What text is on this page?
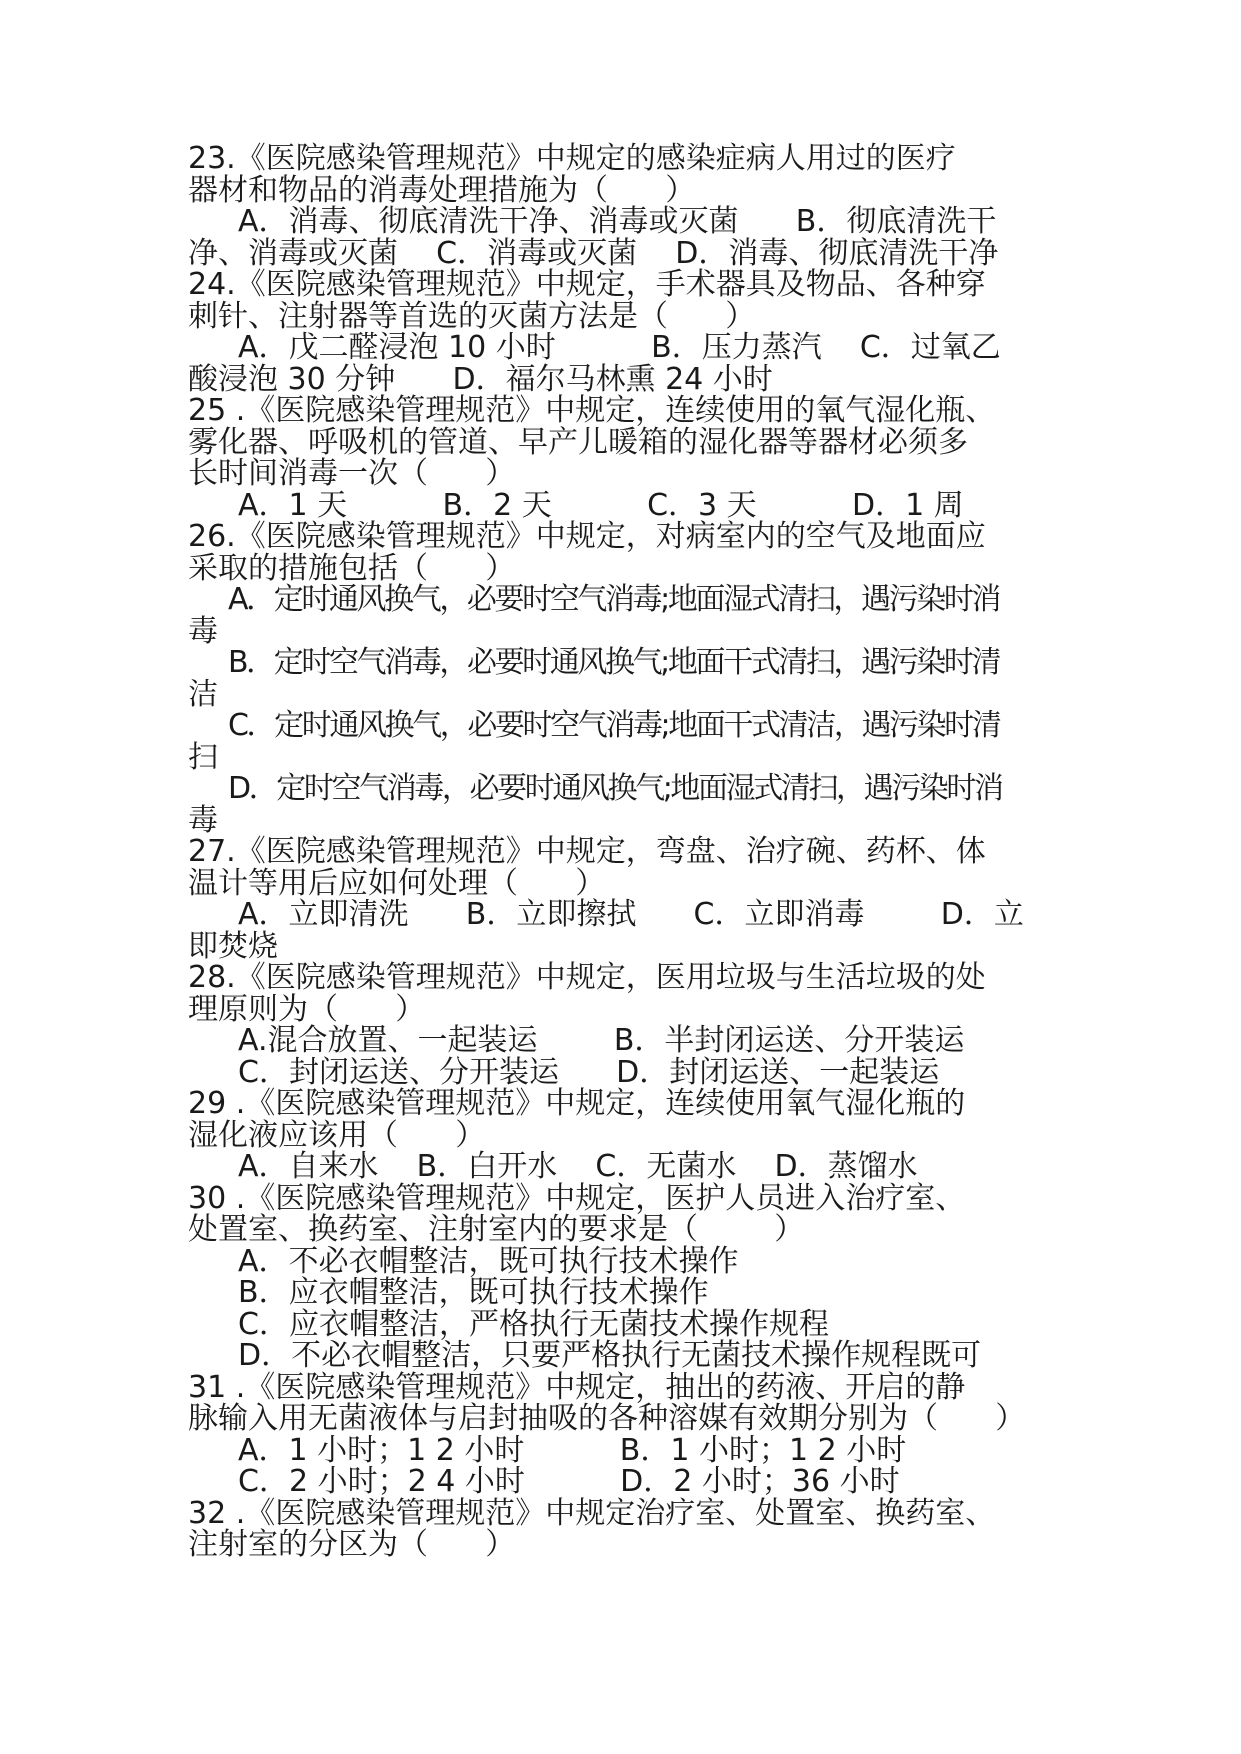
23.《医院感染管理规范》中规定的感染症病人用过的医疗
器材和物品的消毒处理措施为（      ）
A．消毒、彻底清洗干净、消毒或灭菌      B．彻底清洗干
净、消毒或灭菌    C．消毒或灭菌    D．消毒、彻底清洗干净
24.《医院感染管理规范》中规定，手术器具及物品、各种穿
刺针、注射器等首选的灭菌方法是（      ）
A．戊二醛浸泡 10 小时          B．压力蒸汽    C．过氧乙
酸浸泡 30 分钟      D．福尔马林熏 24 小时
25 .《医院感染管理规范》中规定，连续使用的氧气湿化瓶、
雾化器、呼吸机的管道、早产儿暖箱的湿化器等器材必须多
长时间消毒一次（      ）
A．1 天          B．2 天          C．3 天          D．1 周
26.《医院感染管理规范》中规定，对病室内的空气及地面应
采取的措施包括（      ）
A．定时通风换气，必要时空气消毒;地面湿式清扫，遇污染时消
毒
B．定时空气消毒，必要时通风换气;地面干式清扫，遇污染时清
洁
C．定时通风换气，必要时空气消毒;地面干式清洁，遇污染时清
扫
D．定时空气消毒，必要时通风换气;地面湿式清扫，遇污染时消
毒
27.《医院感染管理规范》中规定，弯盘、治疗碗、药杯、体
温计等用后应如何处理（      ）
A．立即清洗      B．立即擦拭      C．立即消毒        D．立
即焚烧
28.《医院感染管理规范》中规定，医用垃圾与生活垃圾的处
理原则为（      ）
A.混合放置、一起装运        B．半封闭运送、分开装运
C．封闭运送、分开装运      D．封闭运送、一起装运
29 .《医院感染管理规范》中规定，连续使用氧气湿化瓶的
湿化液应该用（      ）
A．自来水    B．白开水    C．无菌水    D．蒸馏水
30 .《医院感染管理规范》中规定，医护人员进入治疗室、
处置室、换药室、注射室内的要求是（        ）
A．不必衣帽整洁，既可执行技术操作
B．应衣帽整洁，既可执行技术操作
C．应衣帽整洁，严格执行无菌技术操作规程
D．不必衣帽整洁，只要严格执行无菌技术操作规程既可
31 .《医院感染管理规范》中规定，抽出的药液、开启的静
脉输入用无菌液体与启封抽吸的各种溶媒有效期分别为（      ）
A．1 小时；1 2 小时          B．1 小时；1 2 小时
C．2 小时；2 4 小时          D．2 小时；36 小时
32 .《医院感染管理规范》中规定治疗室、处置室、换药室、
注射室的分区为（      ）
